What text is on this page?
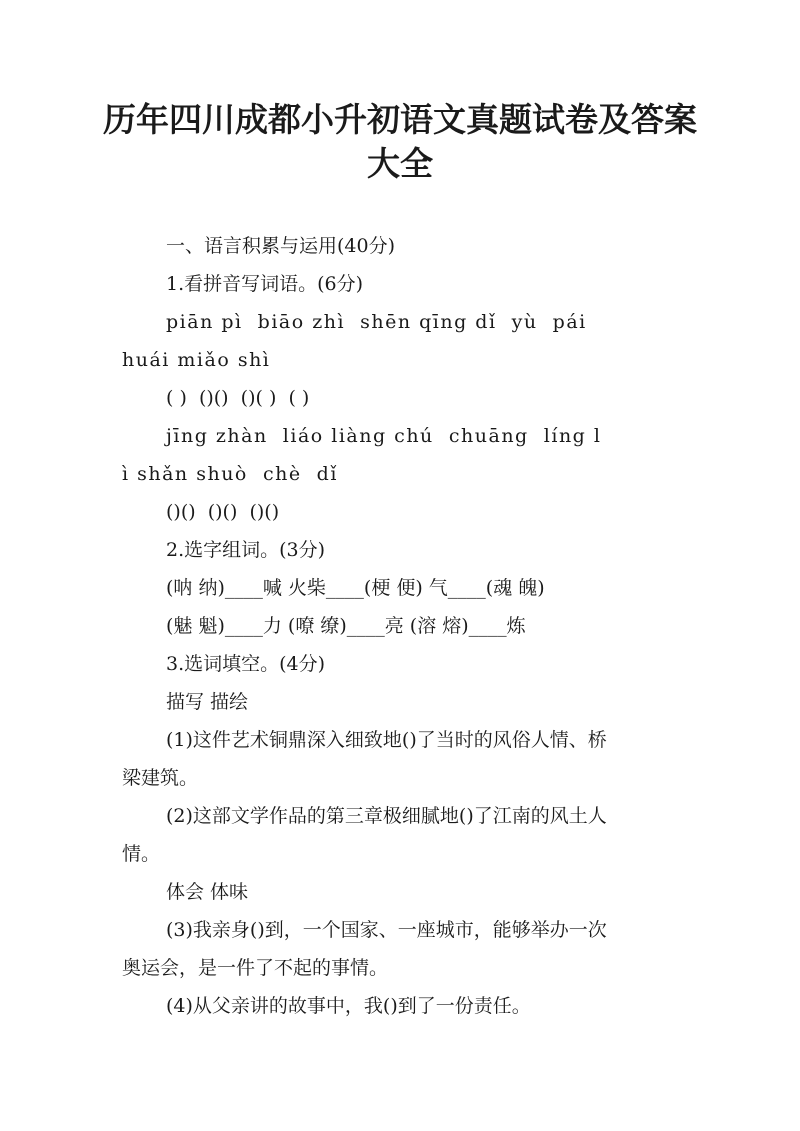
历年四川成都小升初语文真题试卷及答案
大全

一、语言积累与运用(40分)

1.看拼音写词语。(6分)

piān pì  biāo zhì  shēn qīng dǐ  yù  pái

huái miǎo shì

( )  ()()  ()( )  ( )

jīng zhàn  liáo liàng chú  chuāng  líng l

ì shǎn shuò  chè  dǐ

()()  ()()  ()()

2.选字组词。(3分)

(呐 纳)____喊 火柴____(梗 便) 气____(魂 魄)

(魅 魁)____力 (嘹 缭)____亮 (溶 熔)____炼

3.选词填空。(4分)

描写 描绘

(1)这件艺术铜鼎深入细致地()了当时的风俗人情、桥

梁建筑。

(2)这部文学作品的第三章极细腻地()了江南的风土人

情。

体会 体味

(3)我亲身()到，一个国家、一座城市，能够举办一次

奥运会，是一件了不起的事情。

(4)从父亲讲的故事中，我()到了一份责任。
